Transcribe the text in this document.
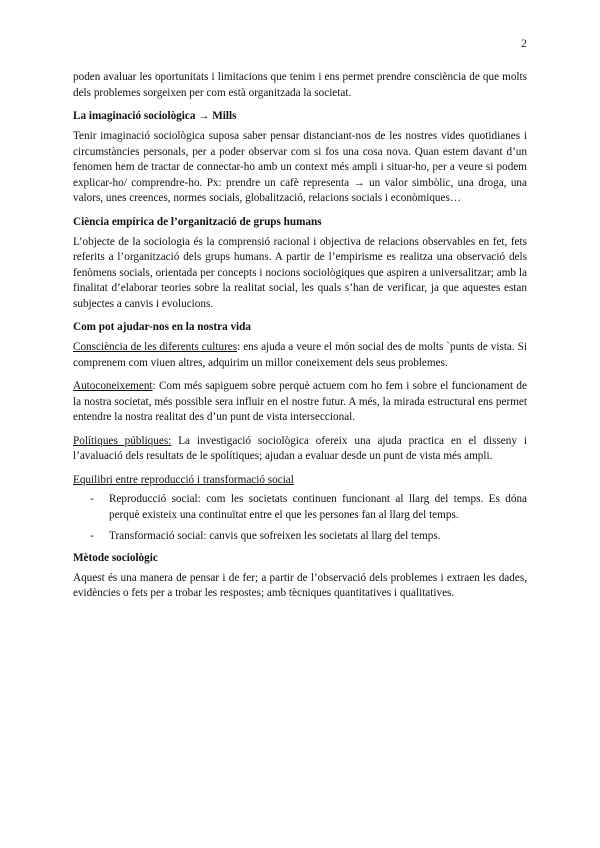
2

poden avaluar les oportunitats i limitacions que tenim i ens permet prendre consciència de que molts dels problemes sorgeixen per com està organitzada la societat.

La imaginació sociològica → Mills

Tenir imaginació sociològica suposa saber pensar distanciant-nos de les nostres vides quotidianes i circumstàncies personals, per a poder observar com si fos una cosa nova. Quan estem davant d’un fenomen hem de tractar de connectar-ho amb un context més ampli i situar-ho, per a veure si podem explicar-ho/ comprendre-ho. Px: prendre un cafè representa → un valor simbòlic, una droga, una valors, unes creences, normes socials, globalització, relacions socials i econòmiques…

Ciència empírica de l’organització de grups humans

L’objecte de la sociologia és la comprensió racional i objectiva de relacions observables en fet, fets referits a l’organització dels grups humans. A partir de l’empirisme es realitza una observació dels fenòmens socials, orientada per concepts i nocions sociològiques que aspiren a universalitzar; amb la finalitat d’elaborar teories sobre la realitat social, les quals s’han de verificar, ja que aquestes estan subjectes a canvis i evolucions.

Com pot ajudar-nos en la nostra vida

Consciència de les diferents cultures: ens ajuda a veure el món social des de molts `punts de vista. Si comprenem com viuen altres, adquirim un millor coneixement dels seus problemes.

Autoconeixement: Com més sapiguem sobre perquè actuem com ho fem i sobre el funcionament de la nostra societat, més possible sera influir en el nostre futur. A més, la mirada estructural ens permet entendre la nostra realitat des d’un punt de vista interseccional.

Polítiques públiques: La investigació sociològica ofereix una ajuda practica en el disseny i l’avaluació dels resultats de le spolítiques; ajudan a evaluar desde un punt de vista més ampli.

Equilibri entre reproducció i transformació social

- Reproducció social: com les societats continuen funcionant al llarg del temps. Es dóna perquè existeix una continuïtat entre el que les persones fan al llarg del temps.
- Transformació social: canvis que sofreixen les societats al llarg del temps.
Mètode sociològic

Aquest és una manera de pensar i de fer; a partir de l’observació dels problemes i extraen les dades, evidències o fets per a trobar les respostes; amb tècniques quantitatives i qualitatives.
